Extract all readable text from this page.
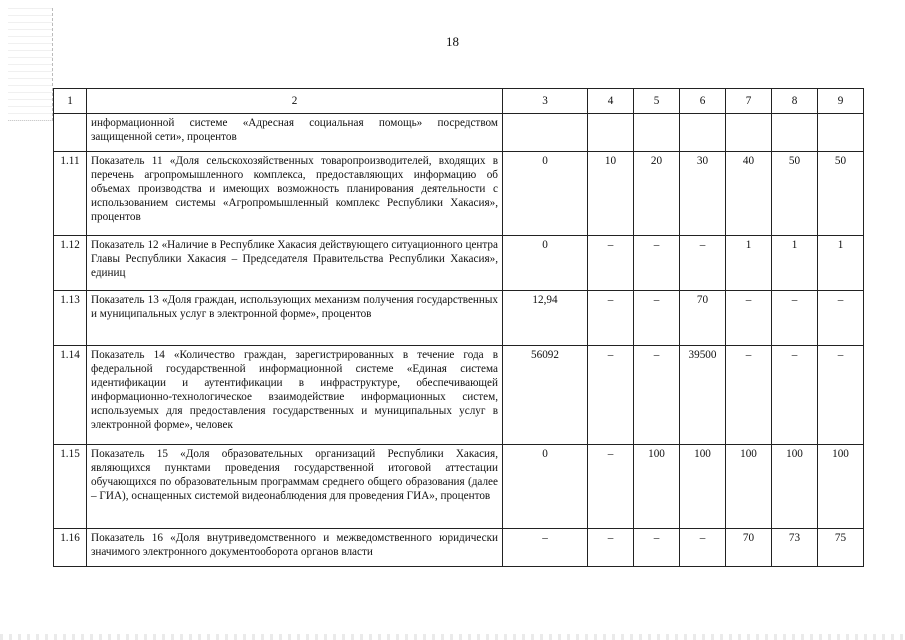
18
1	2	3	4	5	6	7	8	9
	информационной системе «Адресная социальная помощь» посредством защищенной сети», процентов							
1.11	Показатель 11 «Доля сельскохозяйственных товаропроизводителей, входящих в перечень агропромышленного комплекса, предоставляющих информацию об объемах производства и имеющих возможность планирования деятельности с использованием системы «Агропромышленный комплекс Республики Хакасия», процентов	0	10	20	30	40	50	50
1.12	Показатель 12 «Наличие в Республике Хакасия действующего ситуационного центра Главы Республики Хакасия – Председателя Правительства Республики Хакасия», единиц	0	–	–	–	1	1	1
1.13	Показатель 13 «Доля граждан, использующих механизм получения государственных и муниципальных услуг в электронной форме», процентов	12,94	–	–	70	–	–	–
1.14	Показатель 14 «Количество граждан, зарегистрированных в течение года в федеральной государственной информационной системе «Единая система идентификации и аутентификации в инфраструктуре, обеспечивающей информационно-технологическое взаимодействие информационных систем, используемых для предоставления государственных и муниципальных услуг в электронной форме», человек	56092	–	–	39500	–	–	–
1.15	Показатель 15 «Доля образовательных организаций Республики Хакасия, являющихся пунктами проведения государственной итоговой аттестации обучающихся по образовательным программам среднего общего образования (далее – ГИА), оснащенных системой видеонаблюдения для проведения ГИА», процентов	0	–	100	100	100	100	100
1.16	Показатель 16 «Доля внутриведомственного и межведомственного юридически значимого электронного документооборота органов власти	–	–	–	–	70	73	75
